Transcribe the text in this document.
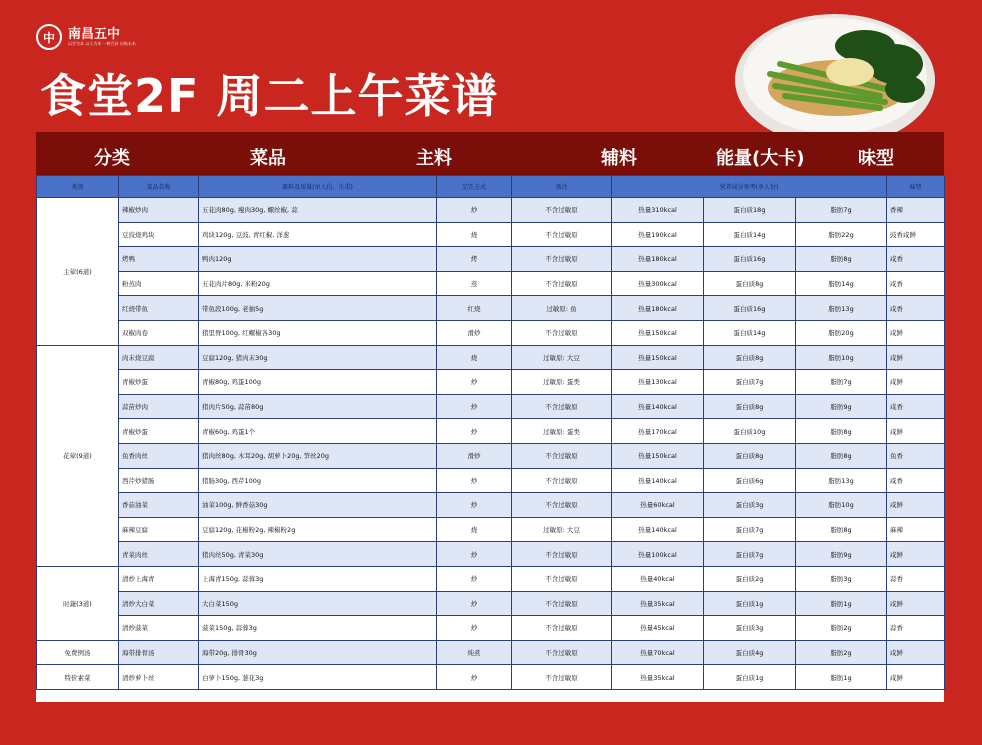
中	南昌五中
以学为本 以人为本 一树百获 启航未来
食堂2F 周二上午菜谱
分类	菜品	主料	辅料	能量(大卡)	味型
类别	菜品名称	原料及用量(单人份、生重)	烹饪方式	备注	营养成分参考(单人份)			味型
主荤(6道)	辣椒炒肉	五花肉80g, 瘦肉30g, 螺丝椒, 蒜	炒	不含过敏原	热量310kcal	蛋白质18g	脂肪7g	香辣
	豆豉烧鸡块	鸡块120g, 豆豉, 青红椒, 洋葱	烧	不含过敏原	热量190kcal	蛋白质14g	脂肪22g	豉香咸鲜
	烤鸭	鸭肉120g	烤	不含过敏原	热量180kcal	蛋白质16g	脂肪8g	咸香
	粉蒸肉	五花肉片80g, 米粉20g	蒸	不含过敏原	热量300kcal	蛋白质8g	脂肪14g	咸香
	红烧带鱼	带鱼段100g, 老抽5g	红烧	过敏原: 鱼	热量180kcal	蛋白质16g	脂肪13g	咸香
	双椒肉卷	猪里脊100g, 红螺椒各30g	滑炒	不含过敏原	热量150kcal	蛋白质14g	脂肪20g	咸鲜
花荤(9道)	肉末烧豆腐	豆腐120g, 猪肉末30g	烧	过敏原: 大豆	热量150kcal	蛋白质8g	脂肪10g	咸鲜
	青椒炒蛋	青椒80g, 鸡蛋100g	炒	过敏原: 蛋类	热量130kcal	蛋白质7g	脂肪7g	咸鲜
	蒜苗炒肉	猪肉片50g, 蒜苗80g	炒	不含过敏原	热量140kcal	蛋白质8g	脂肪9g	咸香
	青椒炒蛋	青椒60g, 鸡蛋1个	炒	过敏原: 蛋类	热量170kcal	蛋白质10g	脂肪8g	咸鲜
	鱼香肉丝	猪肉丝80g, 木耳20g, 胡萝卜20g, 笋丝20g	滑炒	不含过敏原	热量150kcal	蛋白质8g	脂肪8g	鱼香
	西芹炒猪肠	猪肠30g, 西芹100g	炒	不含过敏原	热量140kcal	蛋白质6g	脂肪13g	咸香
	香菇油菜	油菜100g, 鲜香菇30g	炒	不含过敏原	热量60kcal	蛋白质3g	脂肪10g	咸鲜
	麻辣豆腐	豆腐120g, 花椒粉2g, 辣椒粉2g	烧	过敏原: 大豆	热量140kcal	蛋白质7g	脂肪8g	麻辣
	青菜肉丝	猪肉丝50g, 青菜30g	炒	不含过敏原	热量100kcal	蛋白质7g	脂肪9g	咸鲜
时蔬(3道)	清炒上海青	上海青150g, 蒜蓉3g	炒	不含过敏原	热量40kcal	蛋白质2g	脂肪3g	蒜香
	清炒大白菜	大白菜150g	炒	不含过敏原	热量35kcal	蛋白质1g	脂肪1g	咸鲜
	清炒菠菜	菠菜150g, 蒜蓉3g	炒	不含过敏原	热量45kcal	蛋白质3g	脂肪2g	蒜香
免费例汤	海带排骨汤	海带20g, 排骨30g	炖煮	不含过敏原	热量70kcal	蛋白质4g	脂肪2g	咸鲜
特价素菜	清炒萝卜丝	白萝卜150g, 葱花3g	炒	不含过敏原	热量35kcal	蛋白质1g	脂肪1g	咸鲜
